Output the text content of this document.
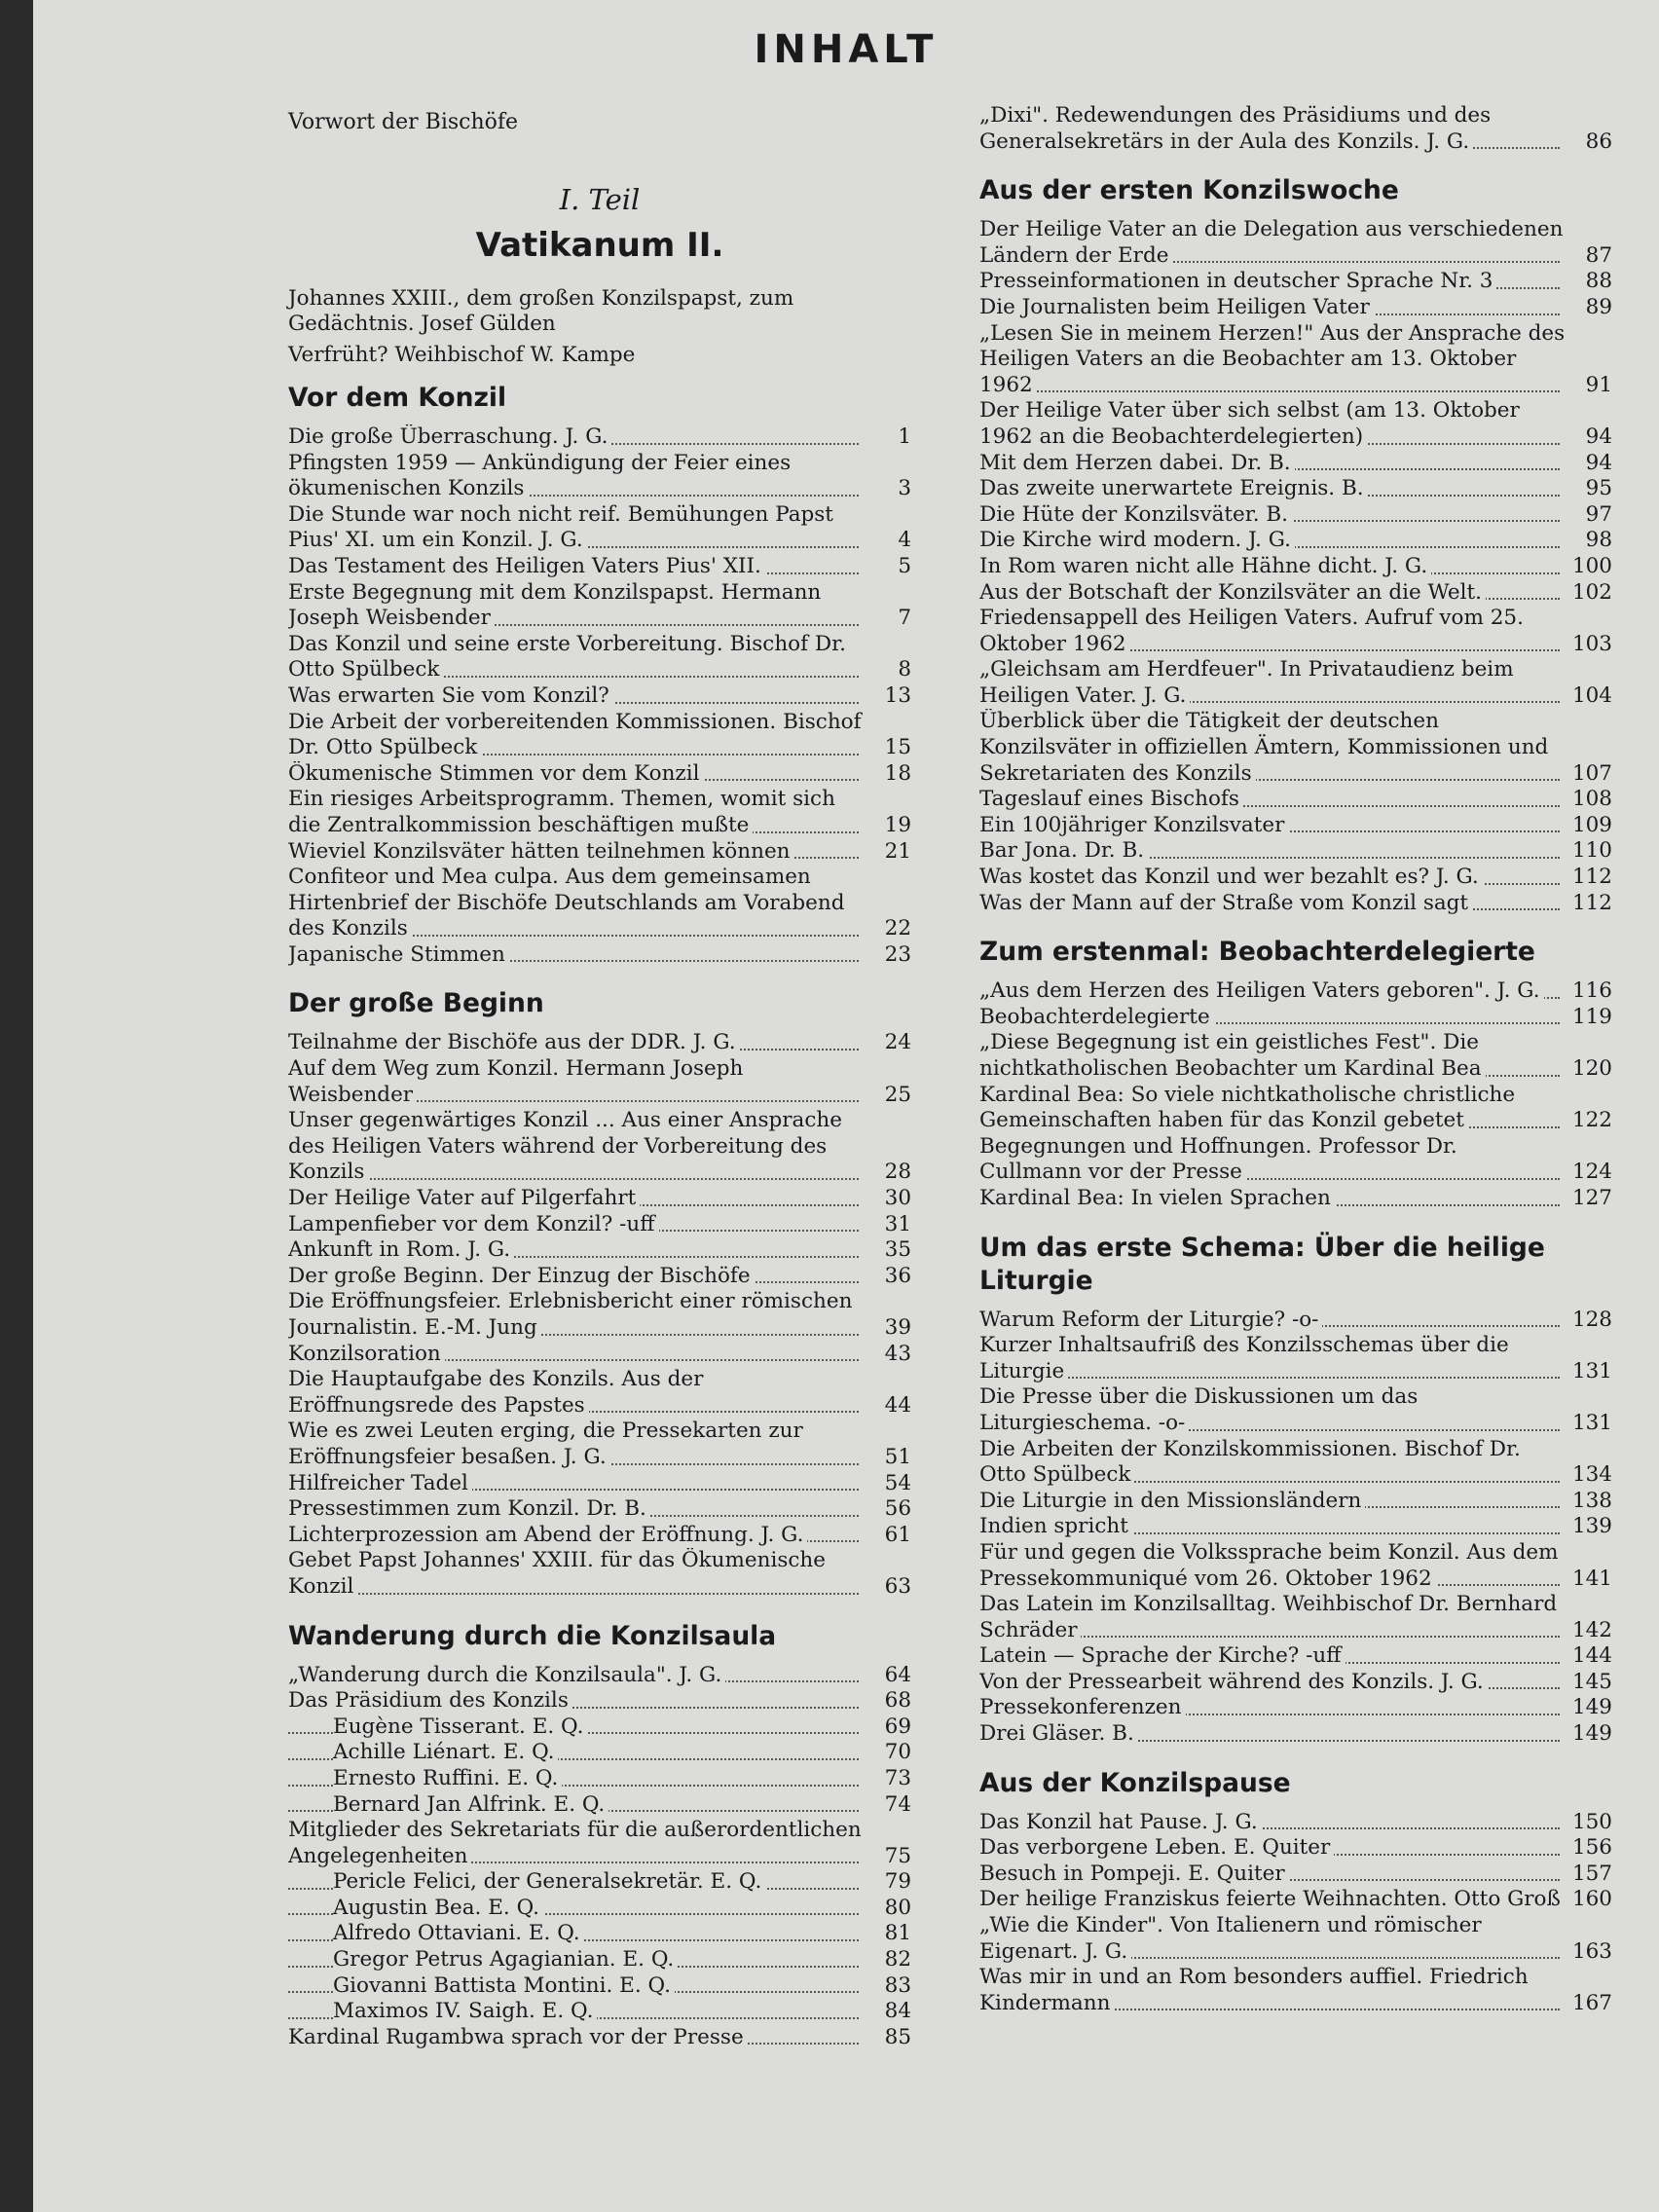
INHALT
Vorwort der Bischöfe
I. Teil
Vatikanum II.
Johannes XXIII., dem großen Konzilspapst, zum Gedächtnis. Josef Gülden
Verfrüht? Weihbischof W. Kampe
Vor dem Konzil
Die große Überraschung. J. G.	1
Pfingsten 1959 — Ankündigung der Feier eines ökumenischen Konzils	3
Die Stunde war noch nicht reif. Bemühungen Papst Pius' XI. um ein Konzil. J. G.	4
Das Testament des Heiligen Vaters Pius' XII.	5
Erste Begegnung mit dem Konzilspapst. Hermann Joseph Weisbender	7
Das Konzil und seine erste Vorbereitung. Bischof Dr. Otto Spülbeck	8
Was erwarten Sie vom Konzil?	13
Die Arbeit der vorbereitenden Kommissionen. Bischof Dr. Otto Spülbeck	15
Ökumenische Stimmen vor dem Konzil	18
Ein riesiges Arbeitsprogramm. Themen, womit sich die Zentralkommission beschäftigen mußte	19
Wieviel Konzilsväter hätten teilnehmen können	21
Confiteor und Mea culpa. Aus dem gemeinsamen Hirtenbrief der Bischöfe Deutschlands am Vorabend des Konzils	22
Japanische Stimmen	23
Der große Beginn
Teilnahme der Bischöfe aus der DDR. J. G.	24
Auf dem Weg zum Konzil. Hermann Joseph Weisbender	25
Unser gegenwärtiges Konzil ... Aus einer Ansprache des Heiligen Vaters während der Vorbereitung des Konzils	28
Der Heilige Vater auf Pilgerfahrt	30
Lampenfieber vor dem Konzil? -uff	31
Ankunft in Rom. J. G.	35
Der große Beginn. Der Einzug der Bischöfe	36
Die Eröffnungsfeier. Erlebnisbericht einer römischen Journalistin. E.-M. Jung	39
Konzilsoration	43
Die Hauptaufgabe des Konzils. Aus der Eröffnungsrede des Papstes	44
Wie es zwei Leuten erging, die Pressekarten zur Eröffnungsfeier besaßen. J. G.	51
Hilfreicher Tadel	54
Pressestimmen zum Konzil. Dr. B.	56
Lichterprozession am Abend der Eröffnung. J. G.	61
Gebet Papst Johannes' XXIII. für das Ökumenische Konzil	63
Wanderung durch die Konzilsaula
„Wanderung durch die Konzilsaula". J. G.	64
Das Präsidium des Konzils	68
Eugène Tisserant. E. Q.	69
Achille Liénart. E. Q.	70
Ernesto Ruffini. E. Q.	73
Bernard Jan Alfrink. E. Q.	74
Mitglieder des Sekretariats für die außerordentlichen Angelegenheiten	75
Pericle Felici, der Generalsekretär. E. Q.	79
Augustin Bea. E. Q.	80
Alfredo Ottaviani. E. Q.	81
Gregor Petrus Agagianian. E. Q.	82
Giovanni Battista Montini. E. Q.	83
Maximos IV. Saigh. E. Q.	84
Kardinal Rugambwa sprach vor der Presse	85
„Dixi". Redewendungen des Präsidiums und des Generalsekretärs in der Aula des Konzils. J. G.	86
Aus der ersten Konzilswoche
Der Heilige Vater an die Delegation aus verschiedenen Ländern der Erde	87
Presseinformationen in deutscher Sprache Nr. 3	88
Die Journalisten beim Heiligen Vater	89
„Lesen Sie in meinem Herzen!" Aus der Ansprache des Heiligen Vaters an die Beobachter am 13. Oktober 1962	91
Der Heilige Vater über sich selbst (am 13. Oktober 1962 an die Beobachterdelegierten)	94
Mit dem Herzen dabei. Dr. B.	94
Das zweite unerwartete Ereignis. B.	95
Die Hüte der Konzilsväter. B.	97
Die Kirche wird modern. J. G.	98
In Rom waren nicht alle Hähne dicht. J. G.	100
Aus der Botschaft der Konzilsväter an die Welt.	102
Friedensappell des Heiligen Vaters. Aufruf vom 25. Oktober 1962	103
„Gleichsam am Herdfeuer". In Privataudienz beim Heiligen Vater. J. G.	104
Überblick über die Tätigkeit der deutschen Konzilsväter in offiziellen Ämtern, Kommissionen und Sekretariaten des Konzils	107
Tageslauf eines Bischofs	108
Ein 100jähriger Konzilsvater	109
Bar Jona. Dr. B.	110
Was kostet das Konzil und wer bezahlt es? J. G.	112
Was der Mann auf der Straße vom Konzil sagt	112
Zum erstenmal: Beobachterdelegierte
„Aus dem Herzen des Heiligen Vaters geboren". J. G.	116
Beobachterdelegierte	119
„Diese Begegnung ist ein geistliches Fest". Die nichtkatholischen Beobachter um Kardinal Bea	120
Kardinal Bea: So viele nichtkatholische christliche Gemeinschaften haben für das Konzil gebetet	122
Begegnungen und Hoffnungen. Professor Dr. Cullmann vor der Presse	124
Kardinal Bea: In vielen Sprachen	127
Um das erste Schema: Über die heilige Liturgie
Warum Reform der Liturgie? -o-	128
Kurzer Inhaltsaufriß des Konzilsschemas über die Liturgie	131
Die Presse über die Diskussionen um das Liturgieschema. -o-	131
Die Arbeiten der Konzilskommissionen. Bischof Dr. Otto Spülbeck	134
Die Liturgie in den Missionsländern	138
Indien spricht	139
Für und gegen die Volkssprache beim Konzil. Aus dem Pressekommuniqué vom 26. Oktober 1962	141
Das Latein im Konzilsalltag. Weihbischof Dr. Bernhard Schräder	142
Latein — Sprache der Kirche? -uff	144
Von der Pressearbeit während des Konzils. J. G.	145
Pressekonferenzen	149
Drei Gläser. B.	149
Aus der Konzilspause
Das Konzil hat Pause. J. G.	150
Das verborgene Leben. E. Quiter	156
Besuch in Pompeji. E. Quiter	157
Der heilige Franziskus feierte Weihnachten. Otto Groß 160
„Wie die Kinder". Von Italienern und römischer Eigenart. J. G.	163
Was mir in und an Rom besonders auffiel. Friedrich Kindermann	167
